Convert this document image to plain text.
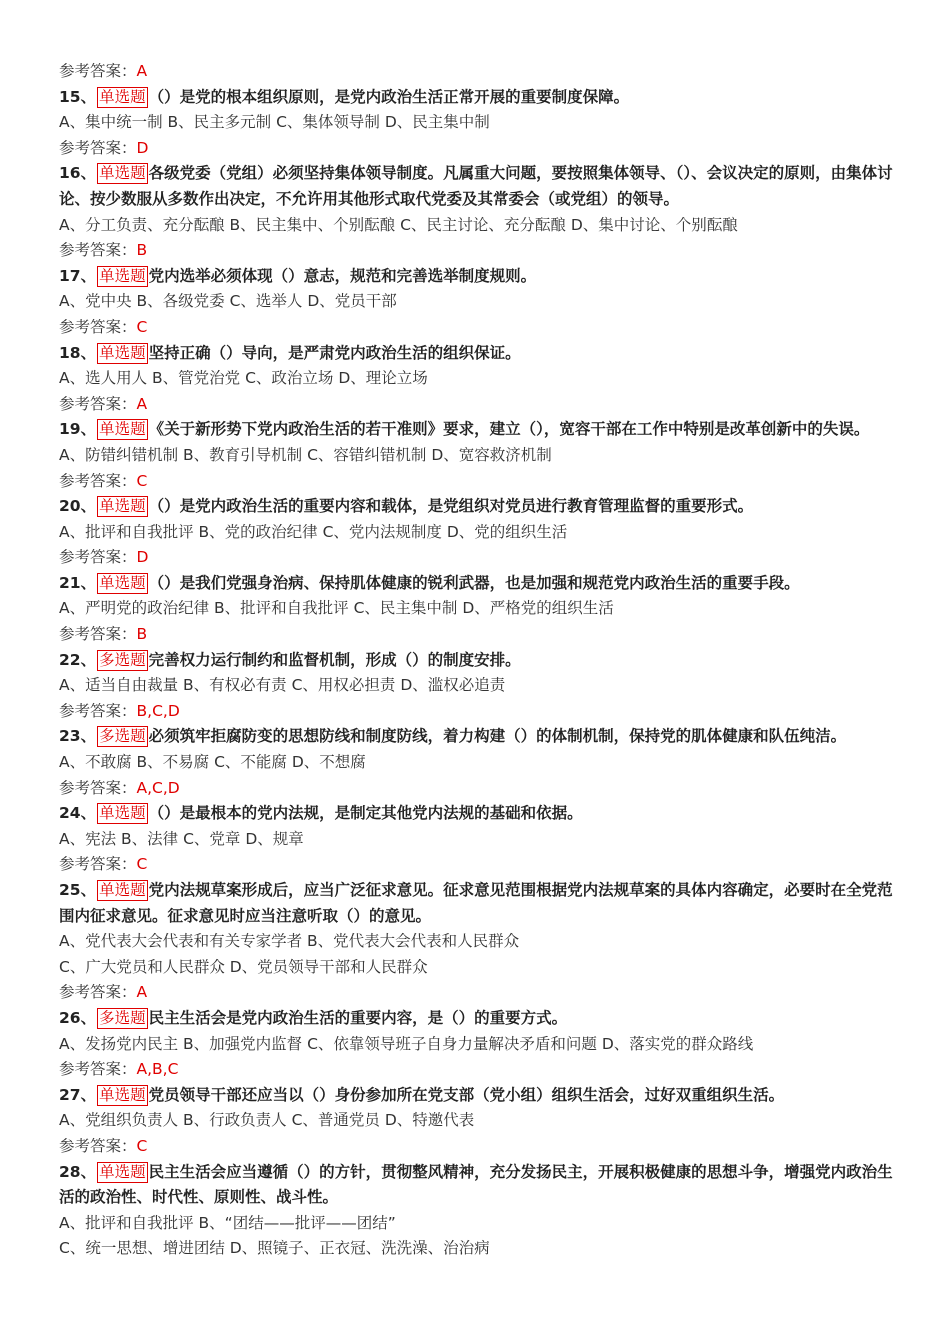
参考答案：A
15、 单选题 （）是党的根本组织原则，是党内政治生活正常开展的重要制度保障。
A、集中统一制 B、民主多元制 C、集体领导制 D、民主集中制
参考答案：D
16、 单选题 各级党委（党组）必须坚持集体领导制度。凡属重大问题，要按照集体领导、（）、会议决定的原则，由集体讨论、按少数服从多数作出决定，不允许用其他形式取代党委及其常委会（或党组）的领导。
A、分工负责、充分酝酿 B、民主集中、个别酝酿 C、民主讨论、充分酝酿 D、集中讨论、个别酝酿
参考答案：B
17、 单选题 党内选举必须体现（）意志，规范和完善选举制度规则。
A、党中央 B、各级党委 C、选举人 D、党员干部
参考答案：C
18、 单选题 坚持正确（）导向，是严肃党内政治生活的组织保证。
A、选人用人 B、管党治党 C、政治立场 D、理论立场
参考答案：A
19、 单选题 《关于新形势下党内政治生活的若干准则》要求，建立（），宽容干部在工作中特别是改革创新中的失误。
A、防错纠错机制 B、教育引导机制 C、容错纠错机制 D、宽容救济机制
参考答案：C
20、 单选题 （）是党内政治生活的重要内容和载体，是党组织对党员进行教育管理监督的重要形式。
A、批评和自我批评 B、党的政治纪律 C、党内法规制度 D、党的组织生活
参考答案：D
21、 单选题 （）是我们党强身治病、保持肌体健康的锐利武器，也是加强和规范党内政治生活的重要手段。
A、严明党的政治纪律 B、批评和自我批评 C、民主集中制 D、严格党的组织生活
参考答案：B
22、 多选题 完善权力运行制约和监督机制，形成（）的制度安排。
A、适当自由裁量 B、有权必有责 C、用权必担责 D、滥权必追责
参考答案：B,C,D
23、 多选题 必须筑牢拒腐防变的思想防线和制度防线，着力构建（）的体制机制，保持党的肌体健康和队伍纯洁。
A、不敢腐 B、不易腐 C、不能腐 D、不想腐
参考答案：A,C,D
24、 单选题 （）是最根本的党内法规，是制定其他党内法规的基础和依据。
A、宪法 B、法律 C、党章 D、规章
参考答案：C
25、 单选题 党内法规草案形成后，应当广泛征求意见。征求意见范围根据党内法规草案的具体内容确定，必要时在全党范围内征求意见。征求意见时应当注意听取（）的意见。
A、党代表大会代表和有关专家学者 B、党代表大会代表和人民群众
C、广大党员和人民群众 D、党员领导干部和人民群众
参考答案：A
26、 多选题 民主生活会是党内政治生活的重要内容，是（）的重要方式。
A、发扬党内民主 B、加强党内监督 C、依靠领导班子自身力量解决矛盾和问题 D、落实党的群众路线
参考答案：A,B,C
27、 单选题 党员领导干部还应当以（）身份参加所在党支部（党小组）组织生活会，过好双重组织生活。
A、党组织负责人 B、行政负责人 C、普通党员 D、特邀代表
参考答案：C
28、 单选题 民主生活会应当遵循（）的方针，贯彻整风精神，充分发扬民主，开展积极健康的思想斗争，增强党内政治生活的政治性、时代性、原则性、战斗性。
A、批评和自我批评 B、“团结——批评——团结”
C、统一思想、增进团结 D、照镜子、正衣冠、洗洗澡、治治病
